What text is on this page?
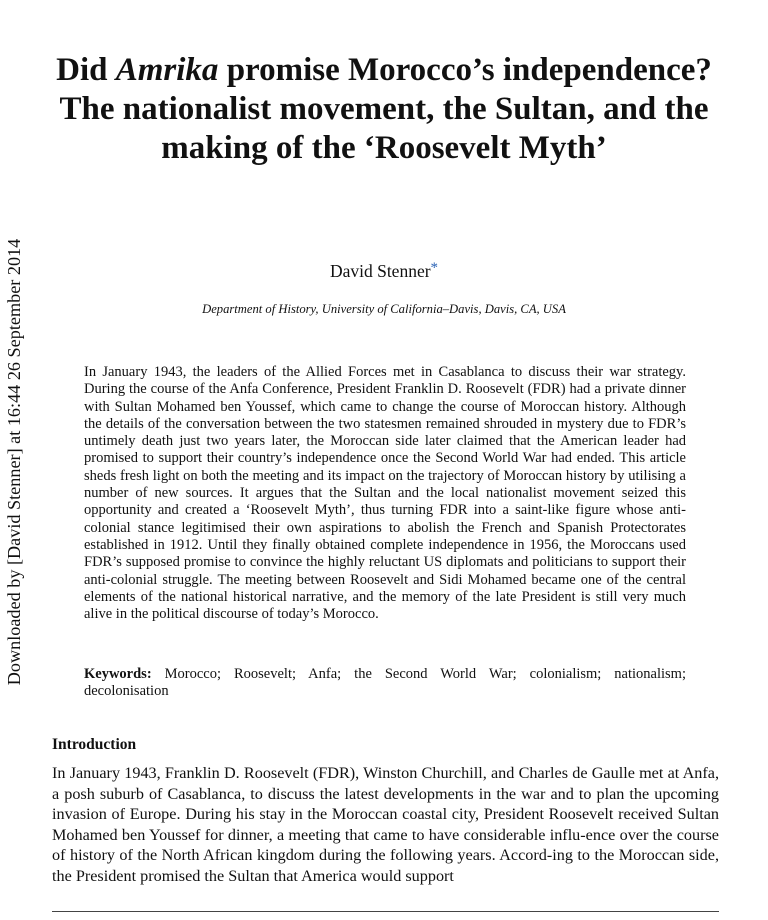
Downloaded by [David Stenner] at 16:44 26 September 2014
Did Amrika promise Morocco’s independence? The nationalist movement, the Sultan, and the making of the ‘Roosevelt Myth’
David Stenner*
Department of History, University of California–Davis, Davis, CA, USA

In January 1943, the leaders of the Allied Forces met in Casablanca to discuss their war strategy. During the course of the Anfa Conference, President Franklin D. Roosevelt (FDR) had a private dinner with Sultan Mohamed ben Youssef, which came to change the course of Moroccan history. Although the details of the conversation between the two statesmen remained shrouded in mystery due to FDR’s untimely death just two years later, the Moroccan side later claimed that the American leader had promised to support their country’s independence once the Second World War had ended. This article sheds fresh light on both the meeting and its impact on the trajectory of Moroccan history by utilising a number of new sources. It argues that the Sultan and the local nationalist movement seized this opportunity and created a ‘Roosevelt Myth’, thus turning FDR into a saint-like figure whose anti-colonial stance legitimised their own aspirations to abolish the French and Spanish Protectorates established in 1912. Until they finally obtained complete independence in 1956, the Moroccans used FDR’s supposed promise to convince the highly reluctant US diplomats and politicians to support their anti-colonial struggle. The meeting between Roosevelt and Sidi Mohamed became one of the central elements of the national historical narrative, and the memory of the late President is still very much alive in the political discourse of today’s Morocco.

Keywords: Morocco; Roosevelt; Anfa; the Second World War; colonialism; nationalism; decolonisation

Introduction

In January 1943, Franklin D. Roosevelt (FDR), Winston Churchill, and Charles de Gaulle met at Anfa, a posh suburb of Casablanca, to discuss the latest developments in the war and to plan the upcoming invasion of Europe. During his stay in the Moroccan coastal city, President Roosevelt received Sultan Mohamed ben Youssef for dinner, a meeting that came to have considerable influ-ence over the course of history of the North African kingdom during the following years. Accord-ing to the Moroccan side, the President promised the Sultan that America would support
